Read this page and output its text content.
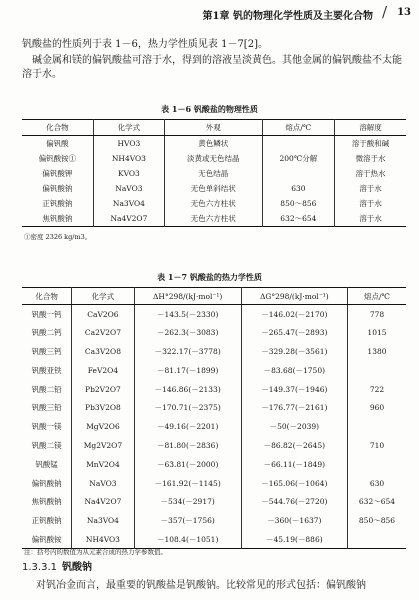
第1章 钒的物理化学性质及主要化合物 / 13

钒酸盐的性质列于表 1－6，热力学性质见表 1－7[2]。

碱金属和镁的偏钒酸盐可溶于水，得到的溶液呈淡黄色。其他金属的偏钒酸盐不太能溶于水。

表 1－6 钒酸盐的物理性质
化合物	化学式	外观	熔点/℃	溶解度
偏钒酸	HVO3	黄色鳞状		溶于酸和碱
偏钒酸铵①	NH4VO3	淡黄或无色结晶	200℃分解	微溶于水
偏钒酸钾	KVO3	无色结晶		溶于热水
偏钒酸钠	NaVO3	无色单斜结状	630	溶于水
正钒酸钠	Na3VO4	无色六方柱状	850～856	溶于水
焦钒酸钠	Na4V2O7	无色六方柱状	632～654	溶于水
①密度 2326 kg/m3。
表 1－7 钒酸盐的热力学性质
化合物	化学式	ΔH°298/(kJ·mol⁻¹)	ΔG°298/(kJ·mol⁻¹)	熔点/℃
钒酸一钙	CaV2O6	－143.5(－2330)	－146.02(－2170)	778
钒酸二钙	Ca2V2O7	－262.3(－3083)	－265.47(－2893)	1015
钒酸三钙	Ca3V2O8	－322.17(－3778)	－329.28(－3561)	1380
钒酸亚铁	FeV2O4	－81.17(－1899)	－83.68(－1750)	
钒酸二铅	Pb2V2O7	－146.86(－2133)	－149.37(－1946)	722
钒酸三铅	Pb3V2O8	－170.71(－2375)	－176.77(－2161)	960
钒酸一镁	MgV2O6	－49.16(－2201)	－50(－2039)	
钒酸二镁	Mg2V2O7	－81.80(－2836)	－86.82(－2645)	710
钒酸锰	MnV2O4	－63.81(－2000)	－66.11(－1849)	
偏钒酸钠	NaVO3	－161.92(－1145)	－165.06(－1064)	630
焦钒酸钠	Na4V2O7	－534(－2917)	－544.76(－2720)	632～654
正钒酸钠	Na3VO4	－357(－1756)	－360(－1637)	850～856
偏钒酸铵	NH4VO3	－108.4(－1051)	－45.19(－886)	
注：括号内的数值为从元素合成的热力学参数值。
1.3.3.1 钒酸钠
对钒冶金而言，最重要的钒酸盐是钒酸钠。比较常见的形式包括：偏钒酸钠
